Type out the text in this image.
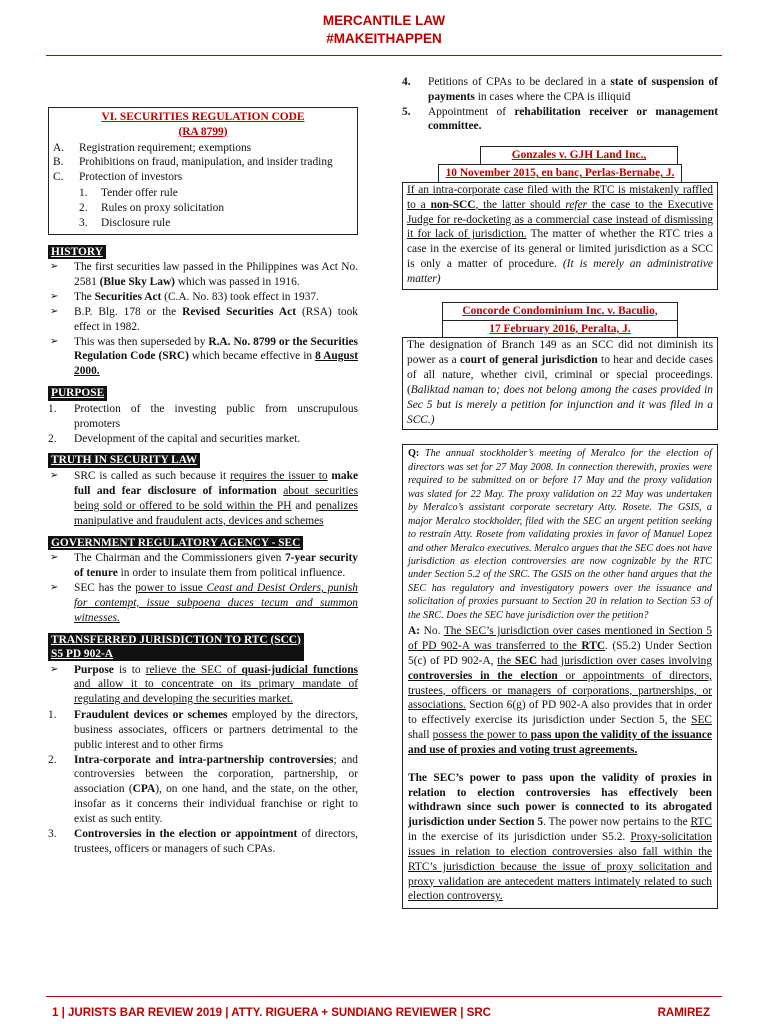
MERCANTILE LAW
#MAKEITHAPPEN
VI. SECURITIES REGULATION CODE
(RA 8799)
A. Registration requirement; exemptions
B. Prohibitions on fraud, manipulation, and insider trading
C. Protection of investors
1. Tender offer rule
2. Rules on proxy solicitation
3. Disclosure rule
HISTORY
➢ The first securities law passed in the Philippines was Act No. 2581 (Blue Sky Law) which was passed in 1916.
➢ The Securities Act (C.A. No. 83) took effect in 1937.
➢ B.P. Blg. 178 or the Revised Securities Act (RSA) took effect in 1982.
➢ This was then superseded by R.A. No. 8799 or the Securities Regulation Code (SRC) which became effective in 8 August 2000.
PURPOSE
1. Protection of the investing public from unscrupulous promoters
2. Development of the capital and securities market.
TRUTH IN SECURITY LAW
➢ SRC is called as such because it requires the issuer to make full and fear disclosure of information about securities being sold or offered to be sold within the PH and penalizes manipulative and fraudulent acts, devices and schemes
GOVERNMENT REGULATORY AGENCY - SEC
➢ The Chairman and the Commissioners given 7-year security of tenure in order to insulate them from political influence.
➢ SEC has the power to issue Ceast and Desist Orders, punish for contempt, issue subpoena duces tecum and summon witnesses.
TRANSFERRED JURISDICTION TO RTC (SCC)
S5 PD 902-A
➢ Purpose is to relieve the SEC of quasi-judicial functions and allow it to concentrate on its primary mandate of regulating and developing the securities market.
1. Fraudulent devices or schemes employed by the directors, business associates, officers or partners detrimental to the public interest and to other firms
2. Intra-corporate and intra-partnership controversies; and controversies between the corporation, partnership, or association (CPA), on one hand, and the state, on the other, insofar as it concerns their individual franchise or right to exist as such entity.
3. Controversies in the election or appointment of directors, trustees, officers or managers of such CPAs.
4. Petitions of CPAs to be declared in a state of suspension of payments in cases where the CPA is illiquid
5. Appointment of rehabilitation receiver or management committee.
Gonzales v. GJH Land Inc.,
10 November 2015, en banc, Perlas-Bernabe, J.
If an intra-corporate case filed with the RTC is mistakenly raffled to a non-SCC, the latter should refer the case to the Executive Judge for re-docketing as a commercial case instead of dismissing it for lack of jurisdiction. The matter of whether the RTC tries a case in the exercise of its general or limited jurisdiction as a SCC is only a matter of procedure. (It is merely an administrative matter)
Concorde Condominium Inc. v. Baculio,
17 February 2016, Peralta, J.
The designation of Branch 149 as an SCC did not diminish its power as a court of general jurisdiction to hear and decide cases of all nature, whether civil, criminal or special proceedings. (Baliktad naman to; does not belong among the cases provided in Sec 5 but is merely a petition for injunction and it was filed in a SCC.)

Q: The annual stockholder’s meeting of Meralco for the election of directors was set for 27 May 2008. In connection therewith, proxies were required to be submitted on or before 17 May and the proxy validation was slated for 22 May. The proxy validation on 22 May was undertaken by Meralco’s assistant corporate secretary Atty. Rosete. The GSIS, a major Meralco stockholder, filed with the SEC an urgent petition seeking to restrain Atty. Rosete from validating proxies in favor of Manuel Lopez and other Meralco executives. Meralco argues that the SEC does not have jurisdiction as election controversies are now cognizable by the RTC under Section 5.2 of the SRC. The GSIS on the other hand argues that the SEC has regulatory and investigatory powers over the issuance and solicitation of proxies pursuant to Section 20 in relation to Section 53 of the SRC. Does the SEC have jurisdiction over the petition?

A: No. The SEC’s jurisdiction over cases mentioned in Section 5 of PD 902-A was transferred to the RTC. (S5.2) Under Section 5(c) of PD 902-A, the SEC had jurisdiction over cases involving controversies in the election or appointments of directors, trustees, officers or managers of corporations, partnerships, or associations. Section 6(g) of PD 902-A also provides that in order to effectively exercise its jurisdiction under Section 5, the SEC shall possess the power to pass upon the validity of the issuance and use of proxies and voting trust agreements.

The SEC’s power to pass upon the validity of proxies in relation to election controversies has effectively been withdrawn since such power is connected to its abrogated jurisdiction under Section 5. The power now pertains to the RTC in the exercise of its jurisdiction under S5.2. Proxy-solicitation issues in relation to election controversies also fall within the RTC’s jurisdiction because the issue of proxy solicitation and proxy validation are antecedent matters intimately related to such election controversy.

1 | JURISTS BAR REVIEW 2019 | ATTY. RIGUERA + SUNDIANG REVIEWER | SRC	RAMIREZ
